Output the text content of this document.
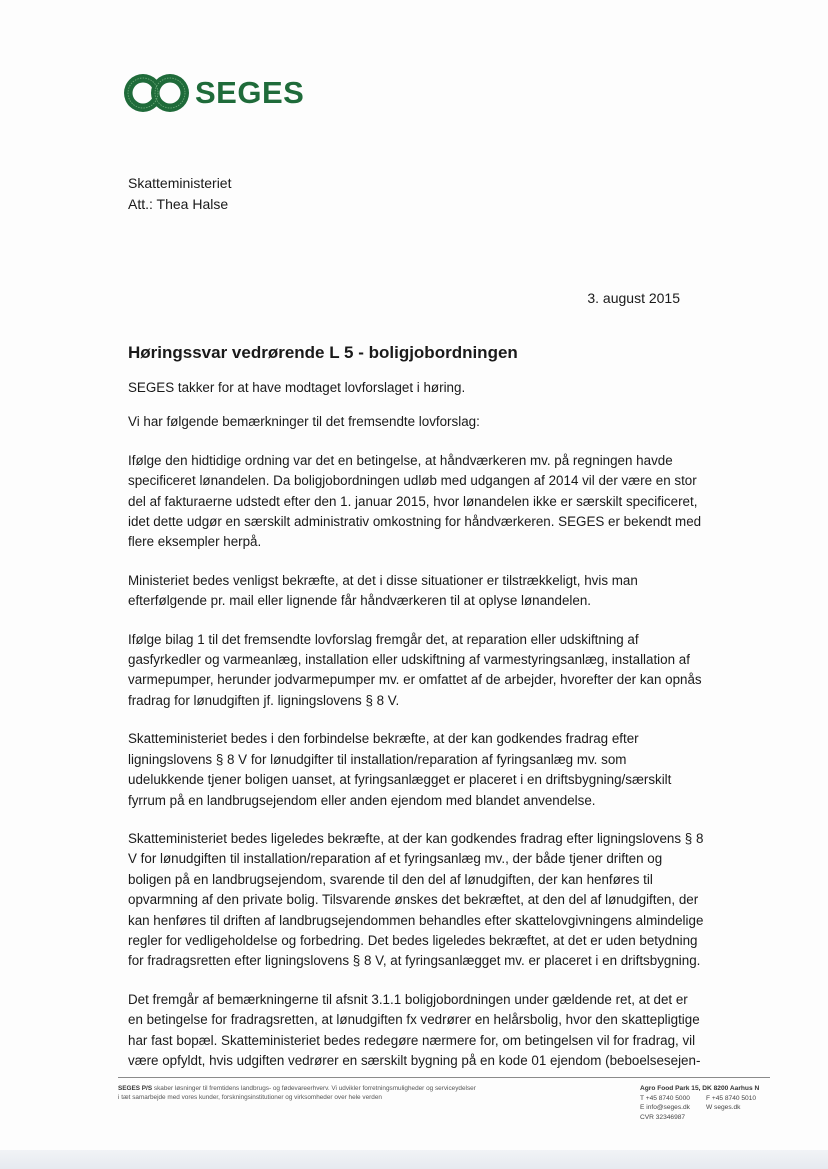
SEGES
Skatteministeriet
Att.: Thea Halse
3. august 2015
Høringssvar vedrørende L 5 - boligjobordningen

SEGES takker for at have modtaget lovforslaget i høring.

Vi har følgende bemærkninger til det fremsendte lovforslag:

Ifølge den hidtidige ordning var det en betingelse, at håndværkeren mv. på regningen havde specificeret lønandelen. Da boligjobordningen udløb med udgangen af 2014 vil der være en stor del af fakturaerne udstedt efter den 1. januar 2015, hvor lønandelen ikke er særskilt specificeret, idet dette udgør en særskilt administrativ omkostning for håndværkeren. SEGES er bekendt med flere eksempler herpå.

Ministeriet bedes venligst bekræfte, at det i disse situationer er tilstrækkeligt, hvis man efterfølgende pr. mail eller lignende får håndværkeren til at oplyse lønandelen.

Ifølge bilag 1 til det fremsendte lovforslag fremgår det, at reparation eller udskiftning af gasfyrkedler og varmeanlæg, installation eller udskiftning af varmestyringsanlæg, installation af varmepumper, herunder jodvarmepumper mv. er omfattet af de arbejder, hvorefter der kan opnås fradrag for lønudgiften jf. ligningslovens § 8 V.

Skatteministeriet bedes i den forbindelse bekræfte, at der kan godkendes fradrag efter ligningslovens § 8 V for lønudgifter til installation/reparation af fyringsanlæg mv. som udelukkende tjener boligen uanset, at fyringsanlægget er placeret i en driftsbygning/særskilt fyrrum på en landbrugsejendom eller anden ejendom med blandet anvendelse.

Skatteministeriet bedes ligeledes bekræfte, at der kan godkendes fradrag efter ligningslovens § 8 V for lønudgiften til installation/reparation af et fyringsanlæg mv., der både tjener driften og boligen på en landbrugsejendom, svarende til den del af lønudgiften, der kan henføres til opvarmning af den private bolig. Tilsvarende ønskes det bekræftet, at den del af lønudgiften, der kan henføres til driften af landbrugsejendommen behandles efter skattelovgivningens almindelige regler for vedligeholdelse og forbedring. Det bedes ligeledes bekræftet, at det er uden betydning for fradragsretten efter ligningslovens § 8 V, at fyringsanlægget mv. er placeret i en driftsbygning.

Det fremgår af bemærkningerne til afsnit 3.1.1 boligjobordningen under gældende ret, at det er en betingelse for fradragsretten, at lønudgiften fx vedrører en helårsbolig, hvor den skattepligtige har fast bopæl. Skatteministeriet bedes redegøre nærmere for, om betingelsen vil for fradrag, vil være opfyldt, hvis udgiften vedrører en særskilt bygning på en kode 01 ejendom (beboelsesejen-

SEGES P/S skaber løsninger til fremtidens landbrugs- og fødevareerhverv. Vi udvikler forretningsmuligheder og serviceydelser
i tæt samarbejde med vores kunder, forskningsinstitutioner og virksomheder over hele verden
Agro Food Park 15, DK 8200 Aarhus N
T +45 8740 5000 F +45 8740 5010
E info@seges.dk W seges.dk
CVR 32346987
